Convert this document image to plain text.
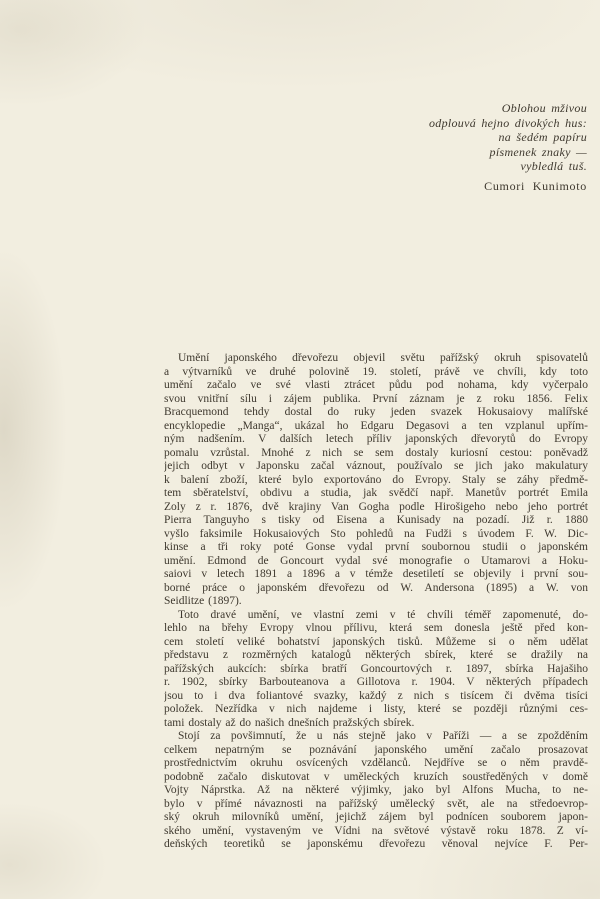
Oblohou mživou
odplouvá hejno divokých hus:
na šedém papíru
písmenek znaky —
vybledlá tuš.
Cumori Kunimoto
Umění japonského dřevořezu objevil světu pařížský okruh spisovatelů
a výtvarníků ve druhé polovině 19. století, právě ve chvíli, kdy toto
umění začalo ve své vlasti ztrácet půdu pod nohama, kdy vyčerpalo
svou vnitřní sílu i zájem publika. První záznam je z roku 1856. Felix
Bracquemond tehdy dostal do ruky jeden svazek Hokusaiovy malířské
encyklopedie „Manga“, ukázal ho Edgaru Degasovi a ten vzplanul upřím-
ným nadšením. V dalších letech příliv japonských dřevorytů do Evropy
pomalu vzrůstal. Mnohé z nich se sem dostaly kuriosní cestou: poněvadž
jejich odbyt v Japonsku začal váznout, používalo se jich jako makulatury
k balení zboží, které bylo exportováno do Evropy. Staly se záhy předmě-
tem sběratelství, obdivu a studia, jak svědčí např. Manetův portrét Emila
Zoly z r. 1876, dvě krajiny Van Gogha podle Hirošigeho nebo jeho portrét
Pierra Tanguyho s tisky od Eisena a Kunisady na pozadí. Již r. 1880
vyšlo faksimile Hokusaiových Sto pohledů na Fudži s úvodem F. W. Dic-
kinse a tři roky poté Gonse vydal první soubornou studii o japonském
umění. Edmond de Goncourt vydal své monografie o Utamarovi a Hoku-
saiovi v letech 1891 a 1896 a v témže desetiletí se objevily i první sou-
borné práce o japonském dřevořezu od W. Andersona (1895) a W. von
Seidlitze (1897).
Toto dravé umění, ve vlastní zemi v té chvíli téměř zapomenuté, do-
lehlo na břehy Evropy vlnou přílivu, která sem donesla ještě před kon-
cem století veliké bohatství japonských tisků. Můžeme si o něm udělat
představu z rozměrných katalogů některých sbírek, které se dražily na
pařížských aukcích: sbírka bratří Goncourtových r. 1897, sbírka Hajašiho
r. 1902, sbírky Barbouteanova a Gillotova r. 1904. V některých případech
jsou to i dva foliantové svazky, každý z nich s tisícem či dvěma tisíci
položek. Nezřídka v nich najdeme i listy, které se později různými ces-
tami dostaly až do našich dnešních pražských sbírek.
Stojí za povšimnutí, že u nás stejně jako v Paříži — a se zpožděním
celkem nepatrným se poznávání japonského umění začalo prosazovat
prostřednictvím okruhu osvícených vzdělanců. Nejdříve se o něm pravdě-
podobně začalo diskutovat v uměleckých kruzích soustředěných v domě
Vojty Náprstka. Až na některé výjimky, jako byl Alfons Mucha, to ne-
bylo v přímé návaznosti na pařížský umělecký svět, ale na středoevrop-
ský okruh milovníků umění, jejichž zájem byl podnícen souborem japon-
ského umění, vystaveným ve Vídni na světové výstavě roku 1878. Z ví-
deňských teoretiků se japonskému dřevořezu věnoval nejvíce F. Per-
